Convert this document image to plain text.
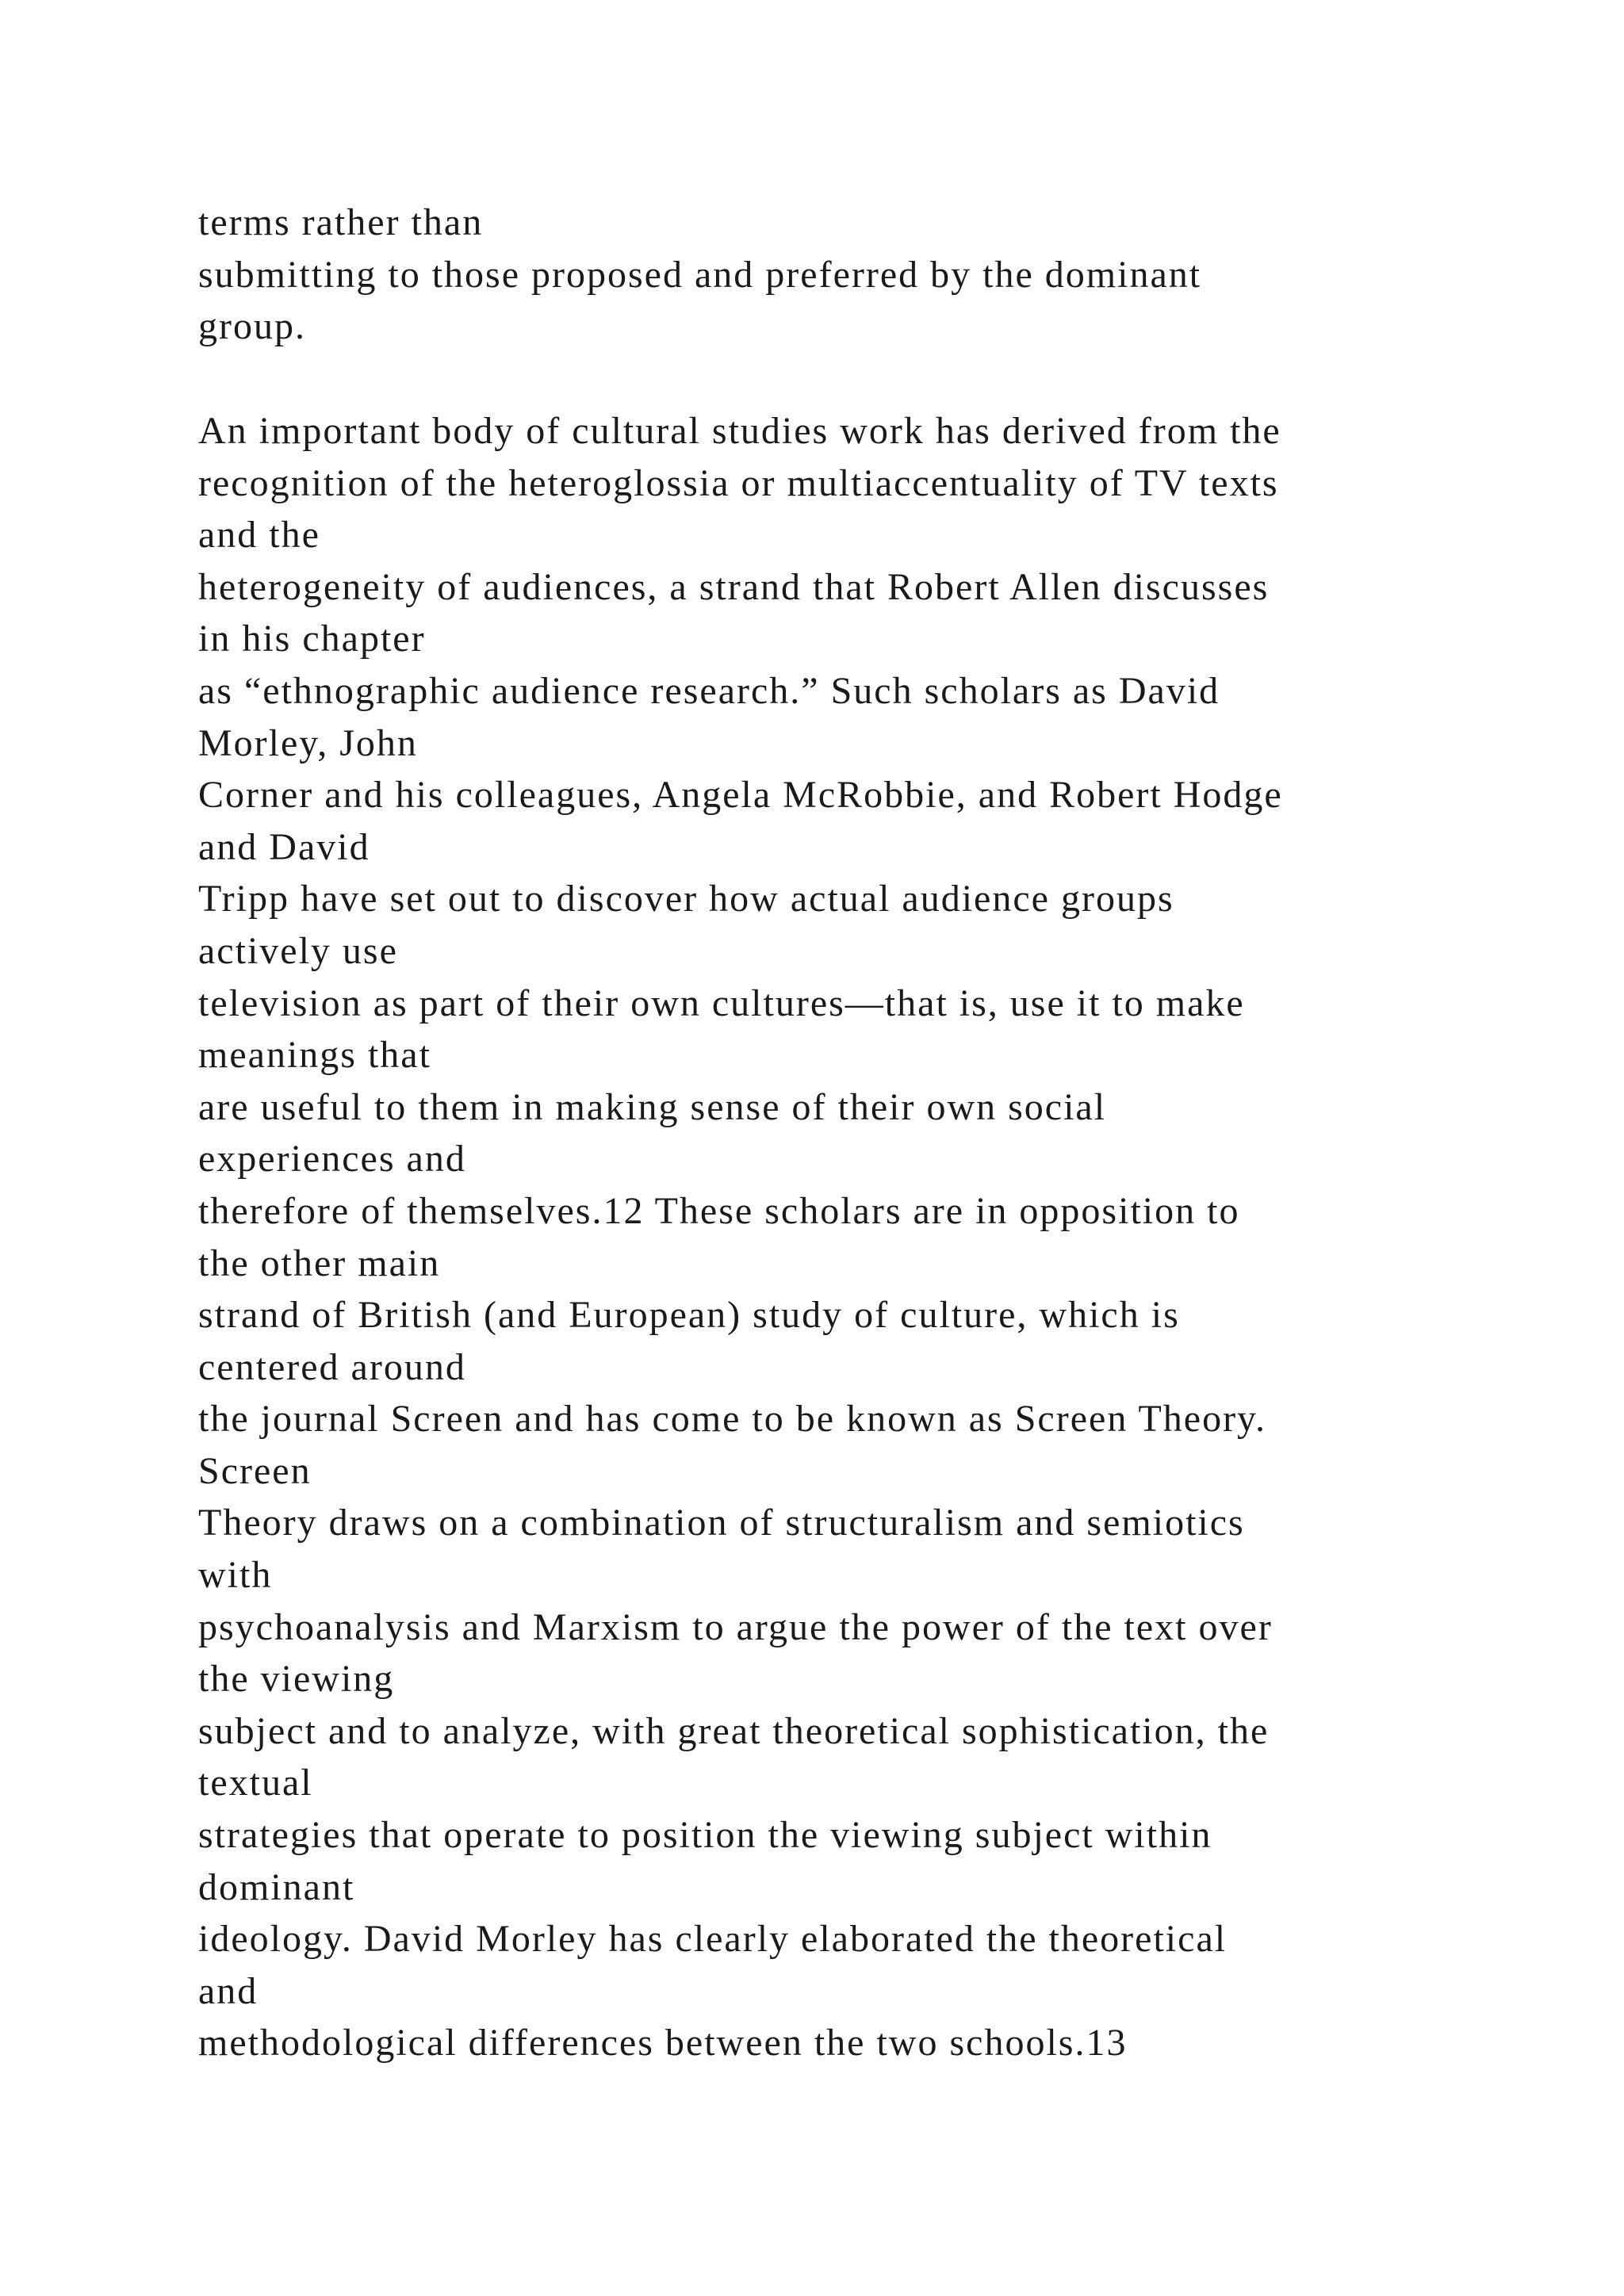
terms rather than
submitting to those proposed and preferred by the dominant
group.
An important body of cultural studies work has derived from the
recognition of the heteroglossia or multiaccentuality of TV texts
and the
heterogeneity of audiences, a strand that Robert Allen discusses
in his chapter
as “ethnographic audience research.” Such scholars as David
Morley, John
Corner and his colleagues, Angela McRobbie, and Robert Hodge
and David
Tripp have set out to discover how actual audience groups
actively use
television as part of their own cultures—that is, use it to make
meanings that
are useful to them in making sense of their own social
experiences and
therefore of themselves.12 These scholars are in opposition to
the other main
strand of British (and European) study of culture, which is
centered around
the journal Screen and has come to be known as Screen Theory.
Screen
Theory draws on a combination of structuralism and semiotics
with
psychoanalysis and Marxism to argue the power of the text over
the viewing
subject and to analyze, with great theoretical sophistication, the
textual
strategies that operate to position the viewing subject within
dominant
ideology. David Morley has clearly elaborated the theoretical
and
methodological differences between the two schools.13
